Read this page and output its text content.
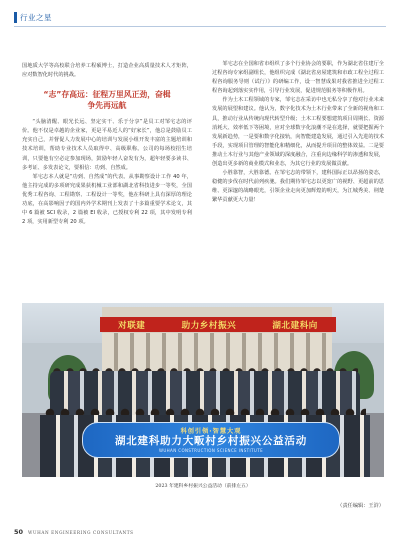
行业之星

国地质大学等高校联合培养工程硕博士，打造企业高质量技术人才矩阵，应对数智化时代的挑战。

“志”存高远：征程万里风正劲，奋楫
争先再远航

“头脑清醒、眼光长远、坚定实干、乐于分享”是员工对邹宅志的评价。他不仅是卓越的企业家，更是平易近人的“好家长”，他总是鼓励员工充实自己，并督促人力发展中心的培训与发展小组开发丰富的主题培训和技术培训，帮助专业技术人员取得中、高级职称。公司的每场校招生培训，只要他有空必定参加现场，鼓励年轻人奋发有为，超年轻要多读书、多考证、多发表论文，要相信：功到、自然成。

邹宅志本人就是“功到、自然成”的代表。从事勘察设计工作 40 年，他主持完成的多项研究成果获机械工业部和湖北省科技进步一等奖，全国优秀工程咨询、工程勘察、工程设计一等奖，他在科研上具有深厚的理论功底，在高影响因子的国内外学术期刊上发表了十多篇重要学术论文，其中 6 篇被 SCI 收录，2 篇被 EI 收录，已授权专利 22 项，其中发明专利 2 项，实用新型专利 20 项。

邹宅志在全国和省市组织了多个行业协会的要职，作为湖北省住建厅全过程咨询专家组副组长，他组织完成《湖北省房屋建筑和市政工程全过程工程咨询服务导则（试行）》的研编工作，设一智慧成果对我省推进全过程工程咨询起到落实实作用，引导行业发展，促进规范服务等积极作用。

作为土木工程领域的专家，邹宅志在采访中也无私分享了他对行业未来发展的展望和建议。他认为，数字化技术为土木行业带来了全新的视角和工具，推动行业从传统向现代转型升级；土木工程要想建筑项目周期长、资源消耗大、效率低下等困境，应对全球数字化浪潮不是在选择，就要把握两个发展新趋势，一是要和数字化接轨，向智能建造发展，通过引入先进的技术手段，实现项目管理的智能化和精细化，从而提升项目的整体效益。二是要推动土木行业与其他产业领域的深度融合，注重向边缘科学的渗透和发展，创造出更多新的商业模式和业态，为其它行业的发展做贡献。

小胜靠智，大胜靠德。在邹宅志的带领下，建科国际正以昂扬的姿态，稳健的步伐在时代前列疾驰。我们期待邹宅志以更宽广的视野、更超前的思维、更深邃的战略眼光，引领企业走向更加辉煌的明天，为江城秀美、荆楚繁华贡献更大力量！

对联建	助力乡村振兴	湖北建科向
科创引领·智慧大观
湖北建科助力大畈村乡村振兴公益活动
WUHAN CONSTRUCTION SCIENCE INSTITUTE
2023 年建科乡村振兴公益活动（前排左五）
（责任编辑：王浒）
50 WUHAN ENGINEERING CONSULTANTS
